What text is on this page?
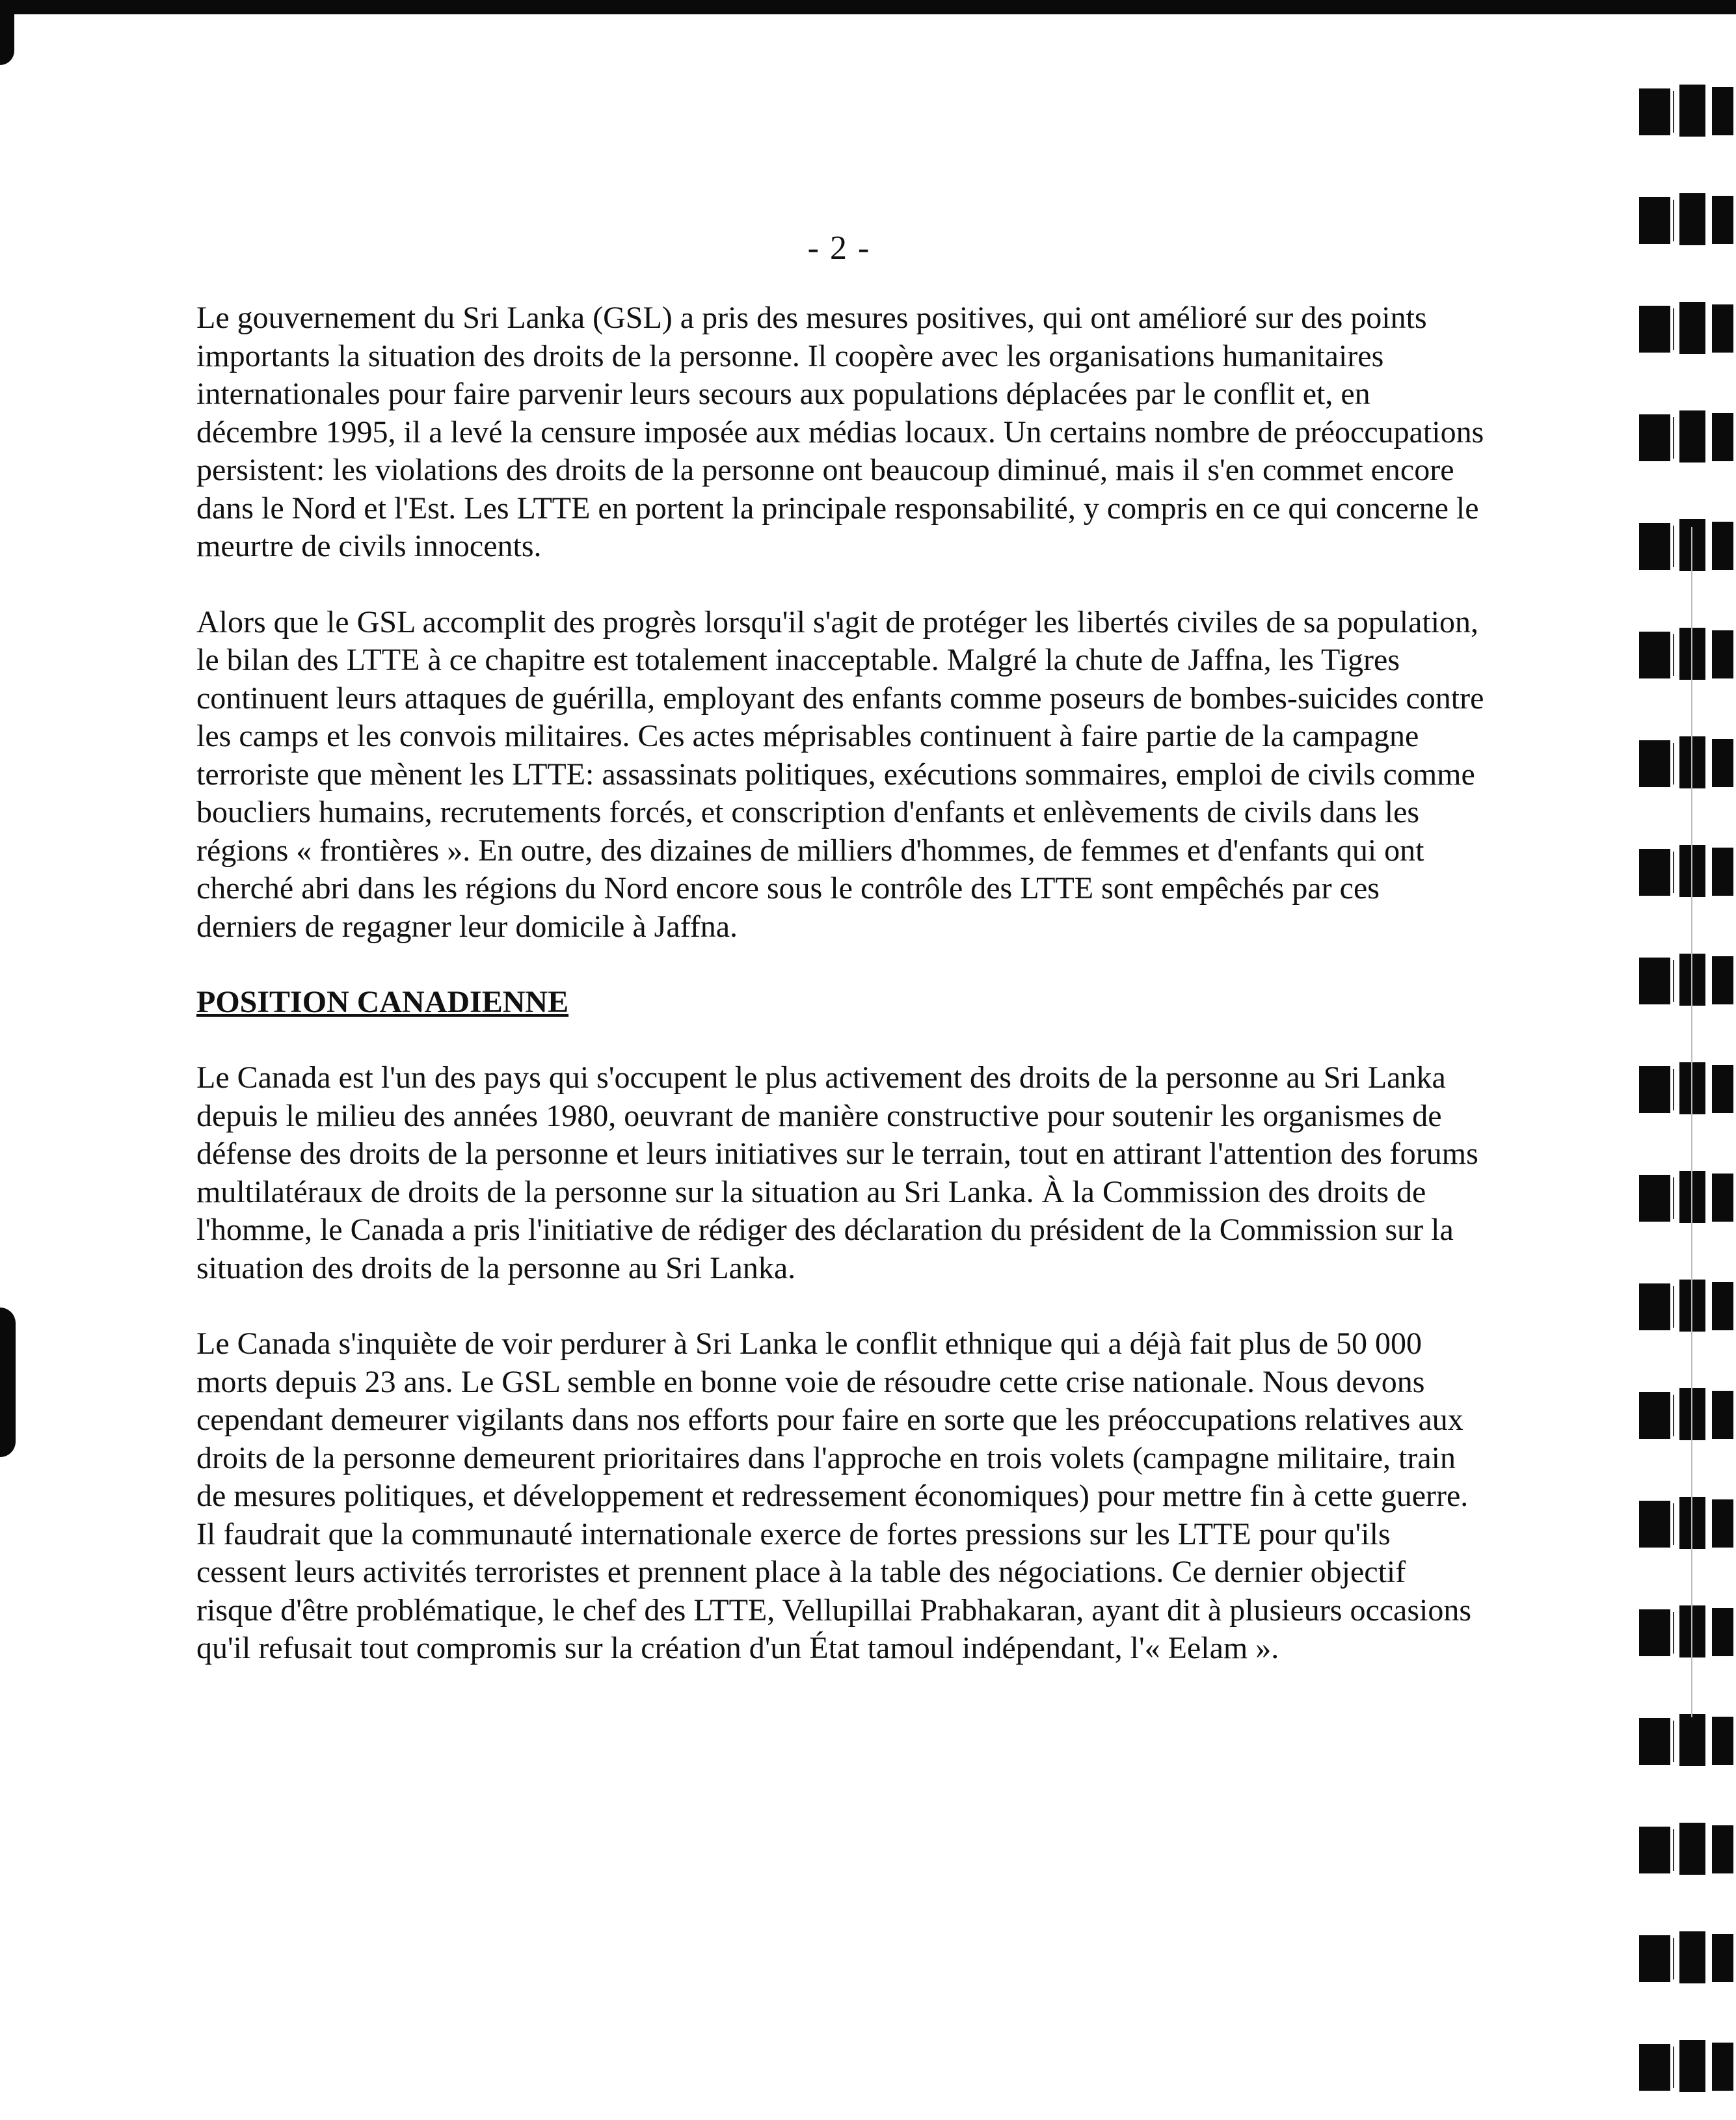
- 2 -

Le gouvernement du Sri Lanka (GSL) a pris des mesures positives, qui ont amélioré sur des points importants la situation des droits de la personne. Il coopère avec les organisations humanitaires internationales pour faire parvenir leurs secours aux populations déplacées par le conflit et, en décembre 1995, il a levé la censure imposée aux médias locaux. Un certains nombre de préoccupations persistent: les violations des droits de la personne ont beaucoup diminué, mais il s'en commet encore dans le Nord et l'Est. Les LTTE en portent la principale responsabilité, y compris en ce qui concerne le meurtre de civils innocents.

Alors que le GSL accomplit des progrès lorsqu'il s'agit de protéger les libertés civiles de sa population, le bilan des LTTE à ce chapitre est totalement inacceptable. Malgré la chute de Jaffna, les Tigres continuent leurs attaques de guérilla, employant des enfants comme poseurs de bombes-suicides contre les camps et les convois militaires. Ces actes méprisables continuent à faire partie de la campagne terroriste que mènent les LTTE: assassinats politiques, exécutions sommaires, emploi de civils comme boucliers humains, recrutements forcés, et conscription d'enfants et enlèvements de civils dans les régions « frontières ». En outre, des dizaines de milliers d'hommes, de femmes et d'enfants qui ont cherché abri dans les régions du Nord encore sous le contrôle des LTTE sont empêchés par ces derniers de regagner leur domicile à Jaffna.

POSITION CANADIENNE

Le Canada est l'un des pays qui s'occupent le plus activement des droits de la personne au Sri Lanka depuis le milieu des années 1980, oeuvrant de manière constructive pour soutenir les organismes de défense des droits de la personne et leurs initiatives sur le terrain, tout en attirant l'attention des forums multilatéraux de droits de la personne sur la situation au Sri Lanka. À la Commission des droits de l'homme, le Canada a pris l'initiative de rédiger des déclaration du président de la Commission sur la situation des droits de la personne au Sri Lanka.

Le Canada s'inquiète de voir perdurer à Sri Lanka le conflit ethnique qui a déjà fait plus de 50 000 morts depuis 23 ans. Le GSL semble en bonne voie de résoudre cette crise nationale. Nous devons cependant demeurer vigilants dans nos efforts pour faire en sorte que les préoccupations relatives aux droits de la personne demeurent prioritaires dans l'approche en trois volets (campagne militaire, train de mesures politiques, et développement et redressement économiques) pour mettre fin à cette guerre. Il faudrait que la communauté internationale exerce de fortes pressions sur les LTTE pour qu'ils cessent leurs activités terroristes et prennent place à la table des négociations. Ce dernier objectif risque d'être problématique, le chef des LTTE, Vellupillai Prabhakaran, ayant dit à plusieurs occasions qu'il refusait tout compromis sur la création d'un État tamoul indépendant, l'« Eelam ».
